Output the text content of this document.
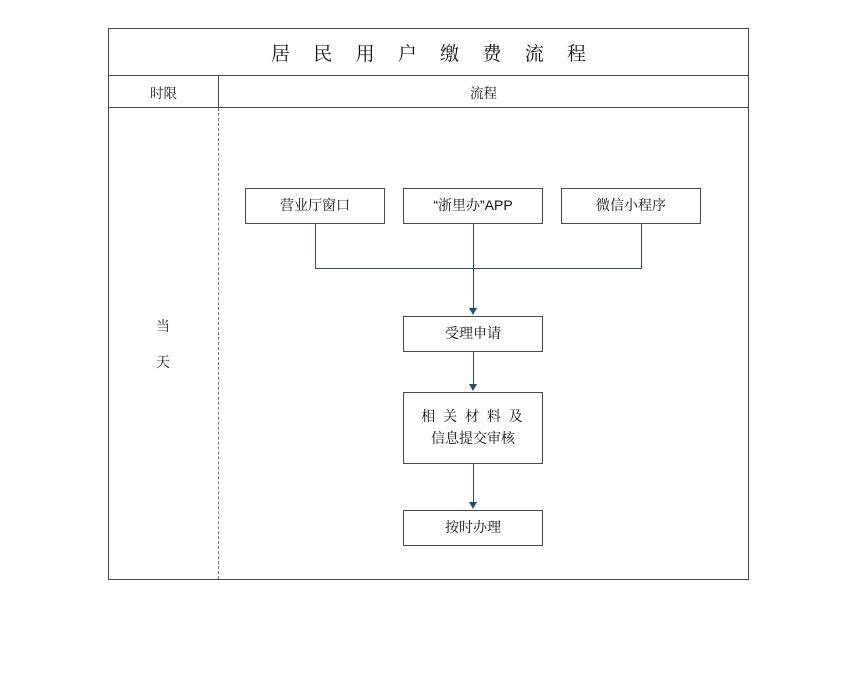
居 民 用 户 缴 费 流 程
时限	流程
当天
营业厅窗口	“浙里办”APP	微信小程序
受理申请
相 关 材 料 及
信息提交审核
按时办理
